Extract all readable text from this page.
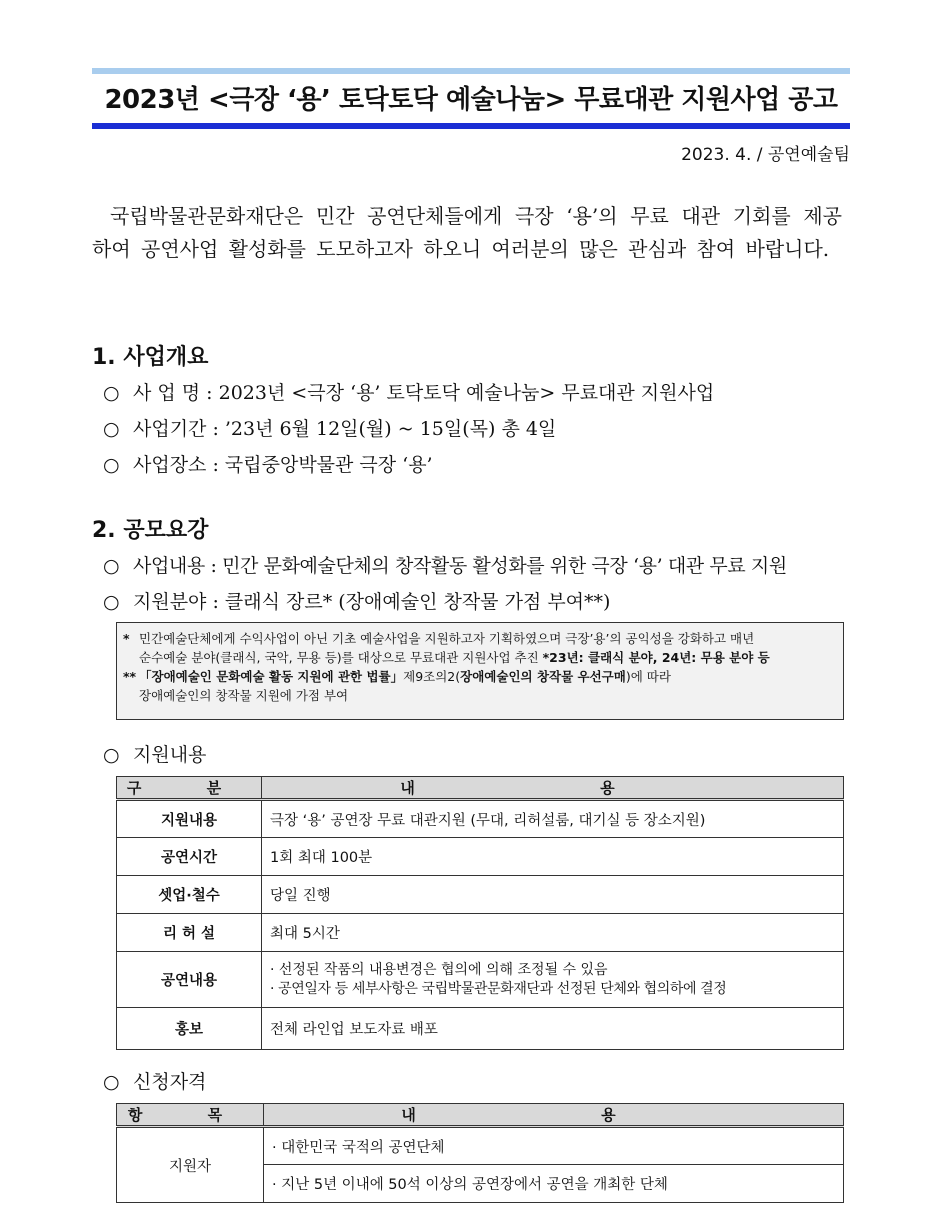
2023년 <극장 ‘용’ 토닥토닥 예술나눔> 무료대관 지원사업 공고
2023. 4. / 공연예술팀
국립박물관문화재단은 민간 공연단체들에게 극장 ‘용’의 무료 대관 기회를 제공하여 공연사업 활성화를 도모하고자 하오니 여러분의 많은 관심과 참여 바랍니다.
1. 사업개요
○ 사 업 명 : 2023년 <극장 ‘용’ 토닥토닥 예술나눔> 무료대관 지원사업
○ 사업기간 : ’23년 6월 12일(월) ~ 15일(목) 총 4일
○ 사업장소 : 국립중앙박물관 극장 ‘용’
2. 공모요강
○ 사업내용 : 민간 문화예술단체의 창작활동 활성화를 위한 극장 ‘용’ 대관 무료 지원
○ 지원분야 : 클래식 장르* (장애예술인 창작물 가점 부여**)
* 민간예술단체에게 수익사업이 아닌 기초 예술사업을 지원하고자 기획하였으며 극장’용’의 공익성을 강화하고 매년
순수예술 분야(클래식, 국악, 무용 등)를 대상으로 무료대관 지원사업 추진 *23년: 클래식 분야, 24년: 무용 분야 등
** 「장애예술인 문화예술 활동 지원에 관한 법률」제9조의2(장애예술인의 창작물 우선구매)에 따라
장애예술인의 창작물 지원에 가점 부여
○ 지원내용
구 분	내 용
지원내용	극장 ‘용’ 공연장 무료 대관지원 (무대, 리허설룸, 대기실 등 장소지원)
공연시간	1회 최대 100분
셋업·철수	당일 진행
리 허 설	최대 5시간
공연내용	· 선정된 작품의 내용변경은 협의에 의해 조정될 수 있음
· 공연일자 등 세부사항은 국립박물관문화재단과 선정된 단체와 협의하에 결정

홍보	전체 라인업 보도자료 배포
○ 신청자격
항 목	내 용
지원자	· 대한민국 국적의 공연단체
	· 지난 5년 이내에 50석 이상의 공연장에서 공연을 개최한 단체
